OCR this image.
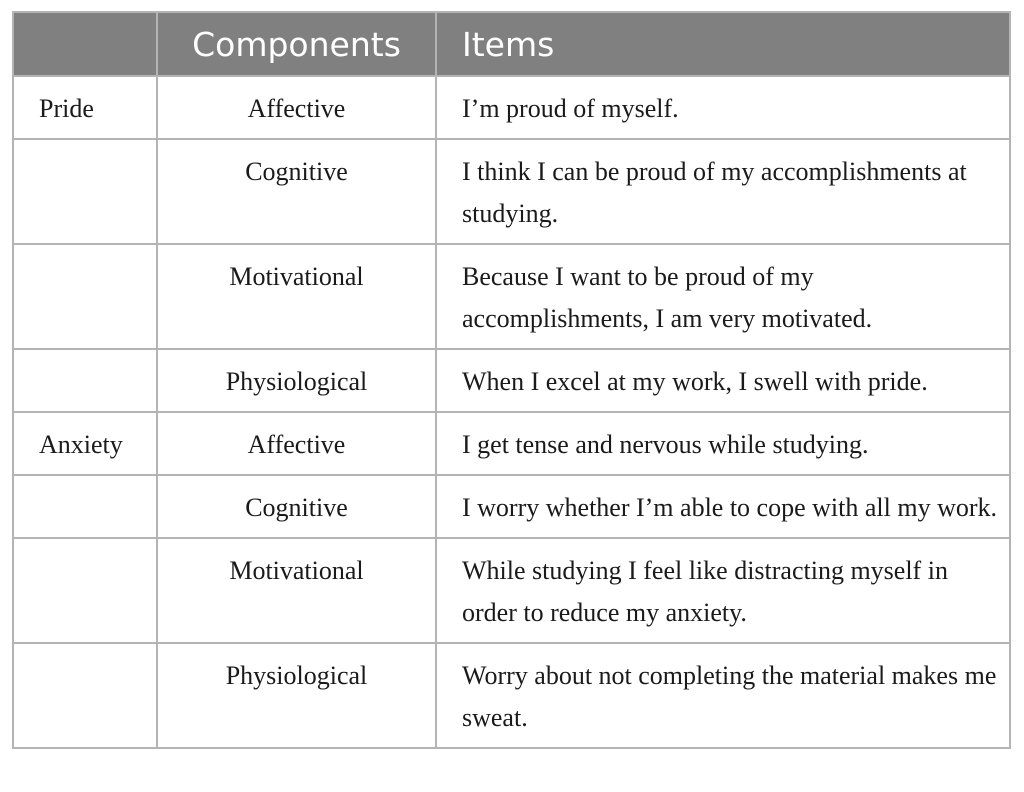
	Components	Items
Pride	Affective	I’m proud of myself.
	Cognitive	I think I can be proud of my accomplishments at studying.
	Motivational	Because I want to be proud of my accomplishments, I am very motivated.
	Physiological	When I excel at my work, I swell with pride.
Anxiety	Affective	I get tense and nervous while studying.
	Cognitive	I worry whether I’m able to cope with all my work.
	Motivational	While studying I feel like distracting myself in order to reduce my anxiety.
	Physiological	Worry about not completing the material makes me sweat.
